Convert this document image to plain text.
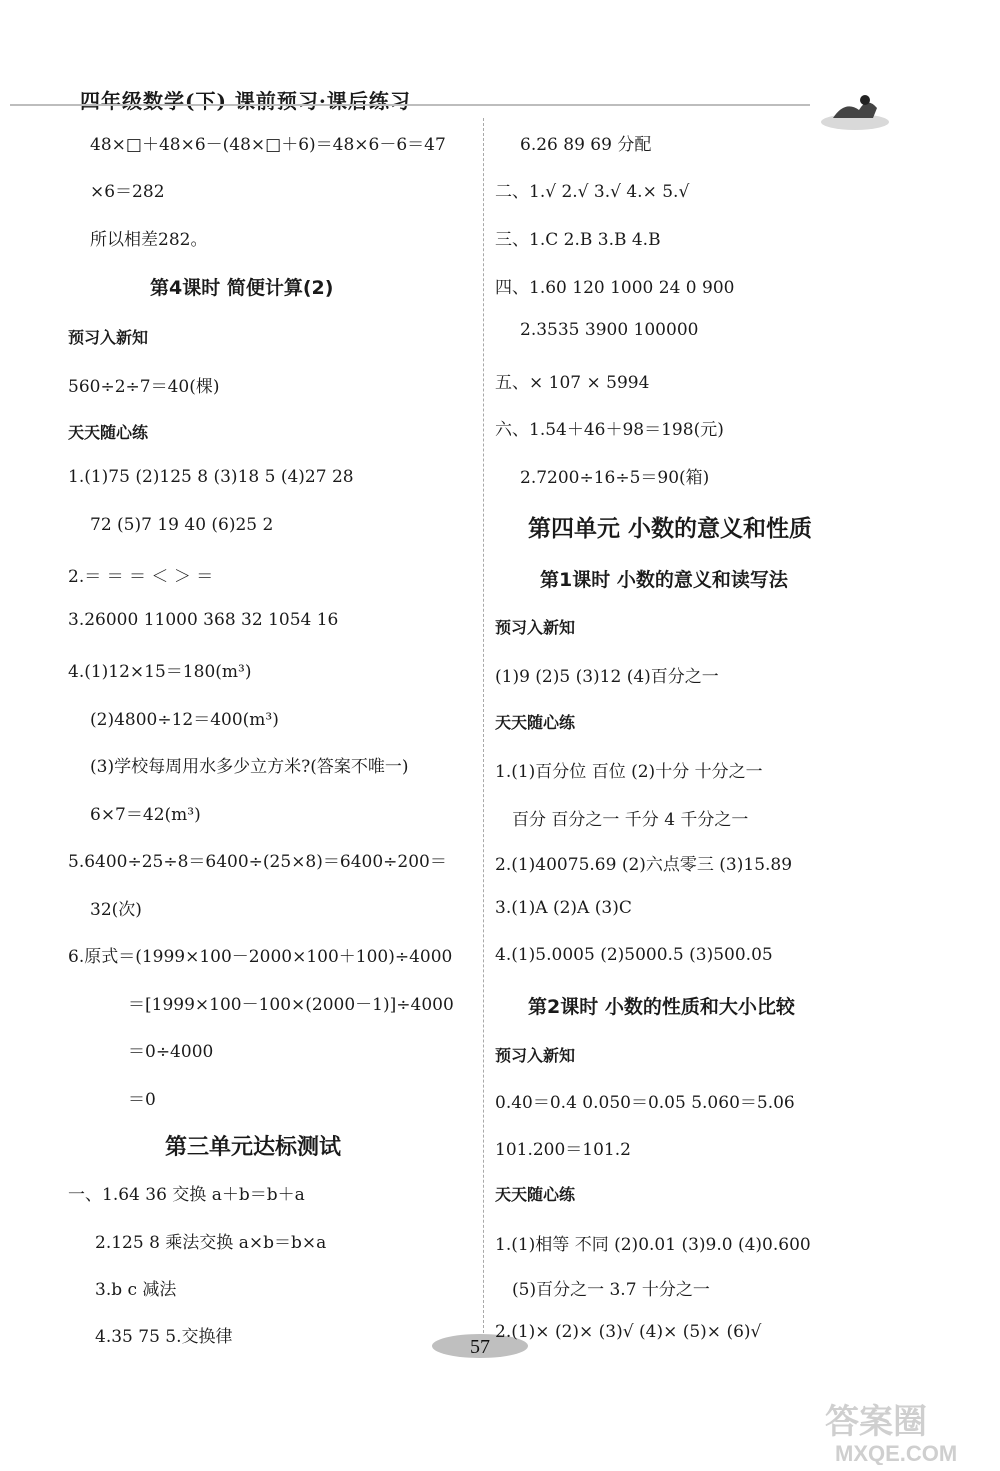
四年级数学(下) 课前预习·课后练习
57
答案圈
MXQE.COM
48×□＋48×6－(48×□＋6)＝48×6－6＝47
×6＝282
所以相差282。
第4课时 简便计算(2)
预习入新知
560÷2÷7＝40(棵)
天天随心练
1.(1)75 (2)125 8 (3)18 5 (4)27 28
72 (5)7 19 40 (6)25 2
2.＝ ＝ ＝ ＜ ＞ ＝
3.26000 11000 368 32 1054 16
4.(1)12×15＝180(m³)
(2)4800÷12＝400(m³)
(3)学校每周用水多少立方米?(答案不唯一)
6×7＝42(m³)
5.6400÷25÷8＝6400÷(25×8)＝6400÷200＝
32(次)
6.原式＝(1999×100－2000×100＋100)÷4000
＝[1999×100－100×(2000－1)]÷4000
＝0÷4000
＝0
第三单元达标测试
一、1.64 36 交换 a＋b＝b＋a
2.125 8 乘法交换 a×b＝b×a
3.b c 减法
4.35 75 5.交换律
6.26 89 69 分配
二、1.√ 2.√ 3.√ 4.× 5.√
三、1.C 2.B 3.B 4.B
四、1.60 120 1000 24 0 900
2.3535 3900 100000
五、× 107 × 5994
六、1.54＋46＋98＝198(元)
2.7200÷16÷5＝90(箱)
第四单元 小数的意义和性质
第1课时 小数的意义和读写法
预习入新知
(1)9 (2)5 (3)12 (4)百分之一
天天随心练
1.(1)百分位 百位 (2)十分 十分之一
百分 百分之一 千分 4 千分之一
2.(1)40075.69 (2)六点零三 (3)15.89
3.(1)A (2)A (3)C
4.(1)5.0005 (2)5000.5 (3)500.05
第2课时 小数的性质和大小比较
预习入新知
0.40＝0.4 0.050＝0.05 5.060＝5.06
101.200＝101.2
天天随心练
1.(1)相等 不同 (2)0.01 (3)9.0 (4)0.600
(5)百分之一 3.7 十分之一
2.(1)× (2)× (3)√ (4)× (5)× (6)√
